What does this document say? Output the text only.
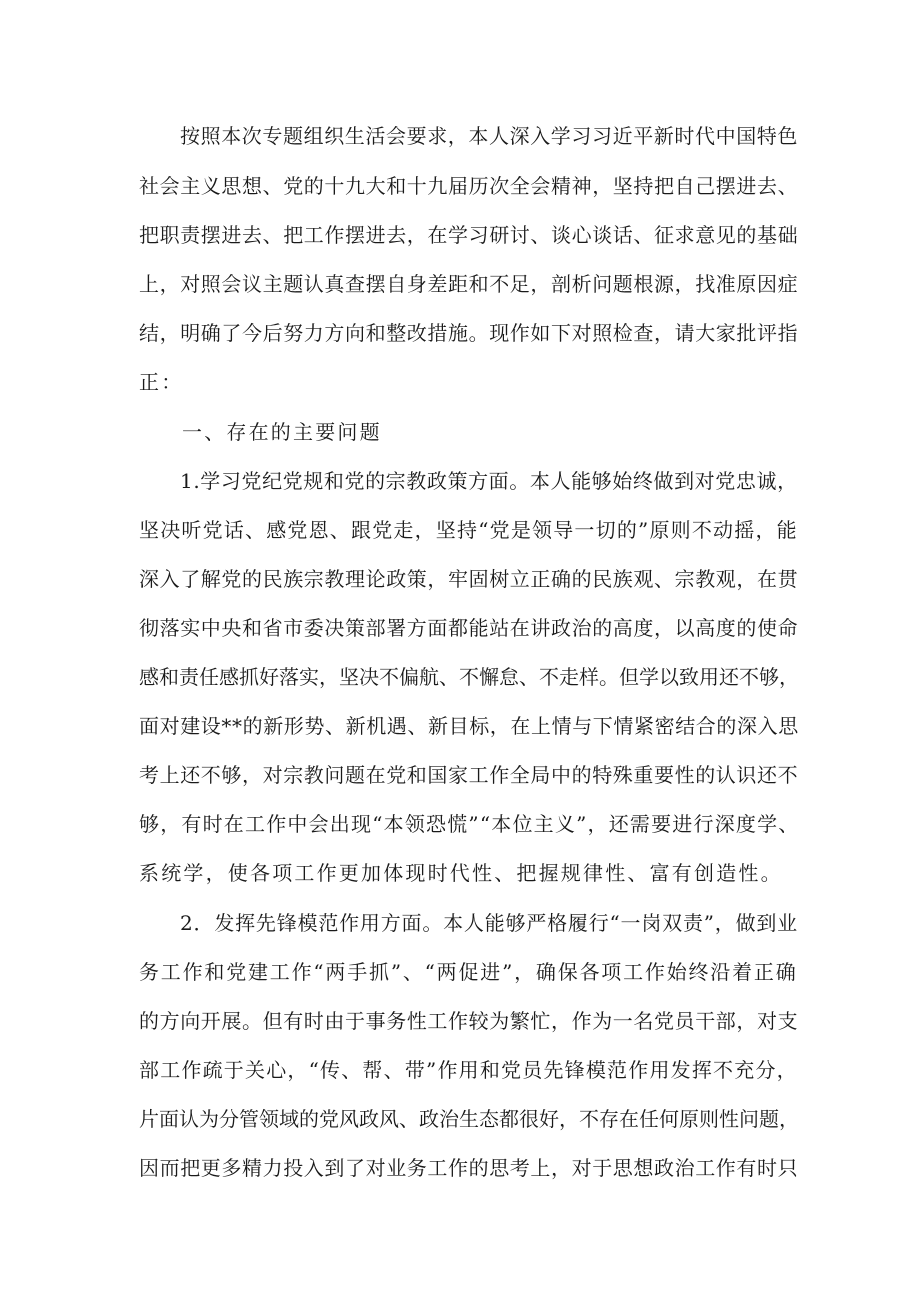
按照本次专题组织生活会要求，本人深入学习习近平新时代中国特色
社会主义思想、党的十九大和十九届历次全会精神，坚持把自己摆进去、
把职责摆进去、把工作摆进去，在学习研讨、谈心谈话、征求意见的基础
上，对照会议主题认真查摆自身差距和不足，剖析问题根源，找准原因症
结，明确了今后努力方向和整改措施。现作如下对照检查，请大家批评指
正：
一、存在的主要问题
1.学习党纪党规和党的宗教政策方面。本人能够始终做到对党忠诚，
坚决听党话、感党恩、跟党走，坚持“党是领导一切的”原则不动摇，能
深入了解党的民族宗教理论政策，牢固树立正确的民族观、宗教观，在贯
彻落实中央和省市委决策部署方面都能站在讲政治的高度，以高度的使命
感和责任感抓好落实，坚决不偏航、不懈怠、不走样。但学以致用还不够，
面对建设**的新形势、新机遇、新目标，在上情与下情紧密结合的深入思
考上还不够，对宗教问题在党和国家工作全局中的特殊重要性的认识还不
够，有时在工作中会出现“本领恐慌”“本位主义”，还需要进行深度学、
系统学，使各项工作更加体现时代性、把握规律性、富有创造性。
2．发挥先锋模范作用方面。本人能够严格履行“一岗双责”，做到业
务工作和党建工作“两手抓”、“两促进”，确保各项工作始终沿着正确
的方向开展。但有时由于事务性工作较为繁忙，作为一名党员干部，对支
部工作疏于关心，“传、帮、带”作用和党员先锋模范作用发挥不充分，
片面认为分管领域的党风政风、政治生态都很好，不存在任何原则性问题，
因而把更多精力投入到了对业务工作的思考上，对于思想政治工作有时只
